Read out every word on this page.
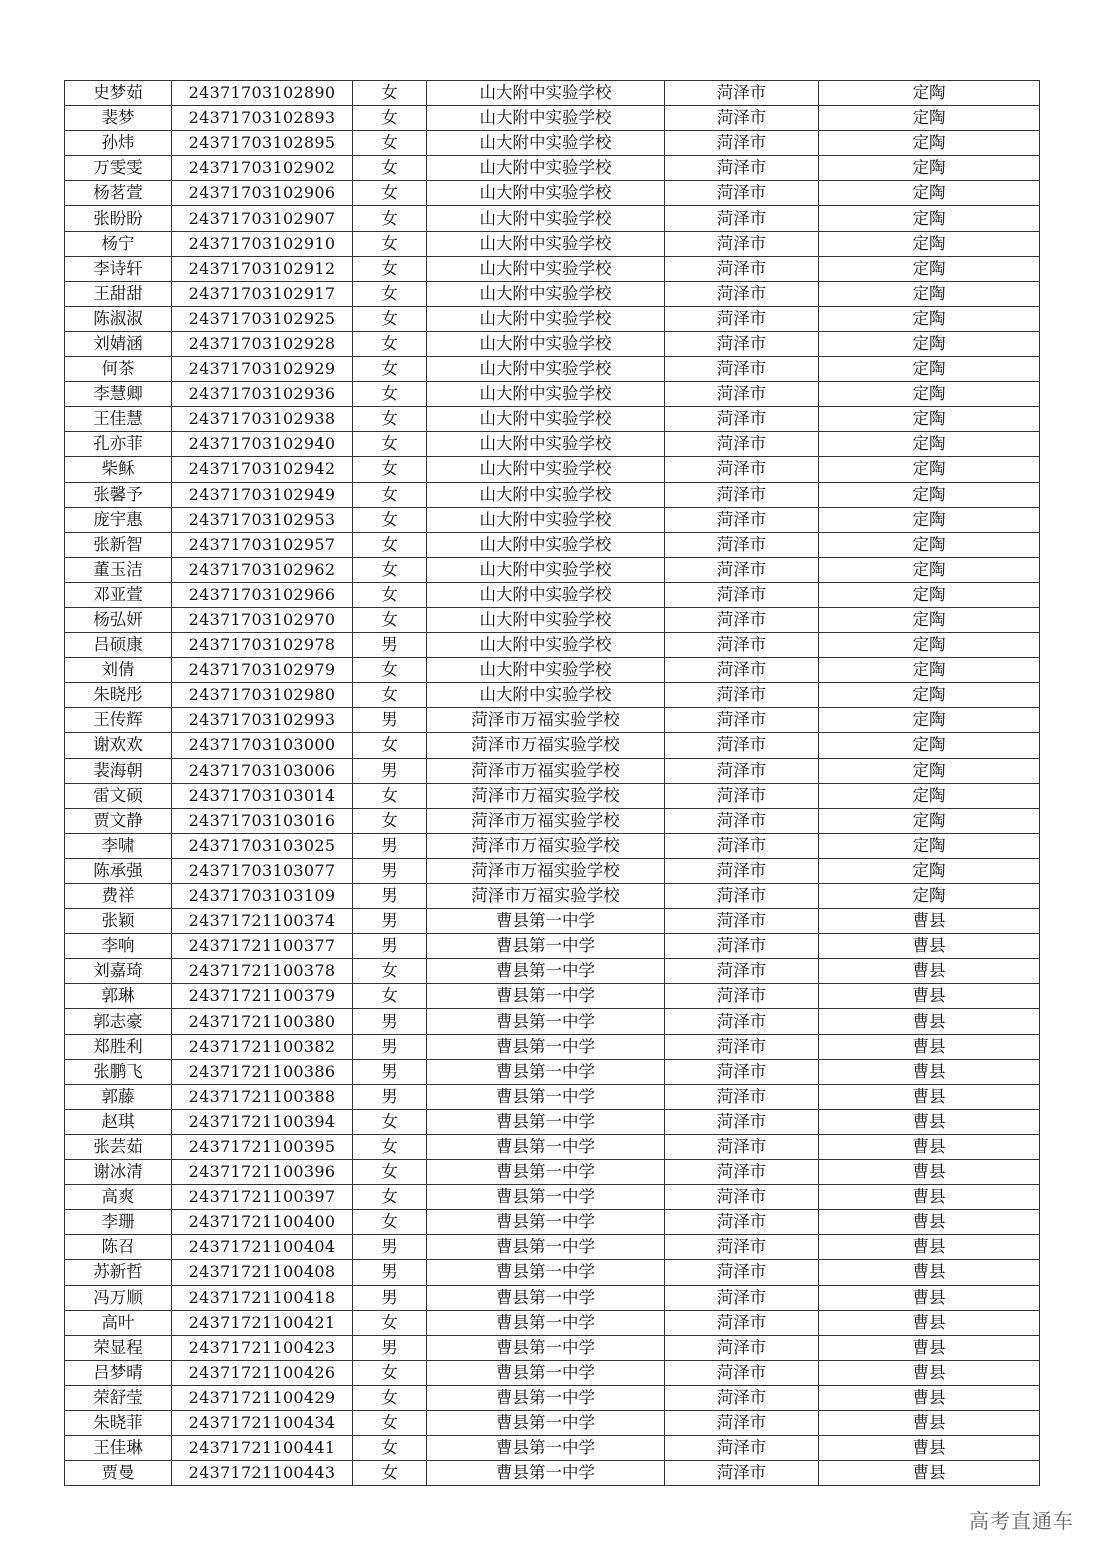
史梦茹	24371703102890	女	山大附中实验学校	菏泽市	定陶
裴梦	24371703102893	女	山大附中实验学校	菏泽市	定陶
孙炜	24371703102895	女	山大附中实验学校	菏泽市	定陶
万雯雯	24371703102902	女	山大附中实验学校	菏泽市	定陶
杨茗萱	24371703102906	女	山大附中实验学校	菏泽市	定陶
张盼盼	24371703102907	女	山大附中实验学校	菏泽市	定陶
杨宁	24371703102910	女	山大附中实验学校	菏泽市	定陶
李诗轩	24371703102912	女	山大附中实验学校	菏泽市	定陶
王甜甜	24371703102917	女	山大附中实验学校	菏泽市	定陶
陈淑淑	24371703102925	女	山大附中实验学校	菏泽市	定陶
刘婧涵	24371703102928	女	山大附中实验学校	菏泽市	定陶
何茶	24371703102929	女	山大附中实验学校	菏泽市	定陶
李慧卿	24371703102936	女	山大附中实验学校	菏泽市	定陶
王佳慧	24371703102938	女	山大附中实验学校	菏泽市	定陶
孔亦菲	24371703102940	女	山大附中实验学校	菏泽市	定陶
柴稣	24371703102942	女	山大附中实验学校	菏泽市	定陶
张馨予	24371703102949	女	山大附中实验学校	菏泽市	定陶
庞宇惠	24371703102953	女	山大附中实验学校	菏泽市	定陶
张新智	24371703102957	女	山大附中实验学校	菏泽市	定陶
董玉洁	24371703102962	女	山大附中实验学校	菏泽市	定陶
邓亚萱	24371703102966	女	山大附中实验学校	菏泽市	定陶
杨弘妍	24371703102970	女	山大附中实验学校	菏泽市	定陶
吕硕康	24371703102978	男	山大附中实验学校	菏泽市	定陶
刘倩	24371703102979	女	山大附中实验学校	菏泽市	定陶
朱晓彤	24371703102980	女	山大附中实验学校	菏泽市	定陶
王传辉	24371703102993	男	菏泽市万福实验学校	菏泽市	定陶
谢欢欢	24371703103000	女	菏泽市万福实验学校	菏泽市	定陶
裴海朝	24371703103006	男	菏泽市万福实验学校	菏泽市	定陶
雷文硕	24371703103014	女	菏泽市万福实验学校	菏泽市	定陶
贾文静	24371703103016	女	菏泽市万福实验学校	菏泽市	定陶
李啸	24371703103025	男	菏泽市万福实验学校	菏泽市	定陶
陈承强	24371703103077	男	菏泽市万福实验学校	菏泽市	定陶
费祥	24371703103109	男	菏泽市万福实验学校	菏泽市	定陶
张颖	24371721100374	男	曹县第一中学	菏泽市	曹县
李响	24371721100377	男	曹县第一中学	菏泽市	曹县
刘嘉琦	24371721100378	女	曹县第一中学	菏泽市	曹县
郭琳	24371721100379	女	曹县第一中学	菏泽市	曹县
郭志豪	24371721100380	男	曹县第一中学	菏泽市	曹县
郑胜利	24371721100382	男	曹县第一中学	菏泽市	曹县
张鹏飞	24371721100386	男	曹县第一中学	菏泽市	曹县
郭藤	24371721100388	男	曹县第一中学	菏泽市	曹县
赵琪	24371721100394	女	曹县第一中学	菏泽市	曹县
张芸茹	24371721100395	女	曹县第一中学	菏泽市	曹县
谢冰清	24371721100396	女	曹县第一中学	菏泽市	曹县
高爽	24371721100397	女	曹县第一中学	菏泽市	曹县
李珊	24371721100400	女	曹县第一中学	菏泽市	曹县
陈召	24371721100404	男	曹县第一中学	菏泽市	曹县
苏新哲	24371721100408	男	曹县第一中学	菏泽市	曹县
冯万顺	24371721100418	男	曹县第一中学	菏泽市	曹县
高叶	24371721100421	女	曹县第一中学	菏泽市	曹县
荣显程	24371721100423	男	曹县第一中学	菏泽市	曹县
吕梦晴	24371721100426	女	曹县第一中学	菏泽市	曹县
荣舒莹	24371721100429	女	曹县第一中学	菏泽市	曹县
朱晓菲	24371721100434	女	曹县第一中学	菏泽市	曹县
王佳琳	24371721100441	女	曹县第一中学	菏泽市	曹县
贾曼	24371721100443	女	曹县第一中学	菏泽市	曹县
高考直通车
